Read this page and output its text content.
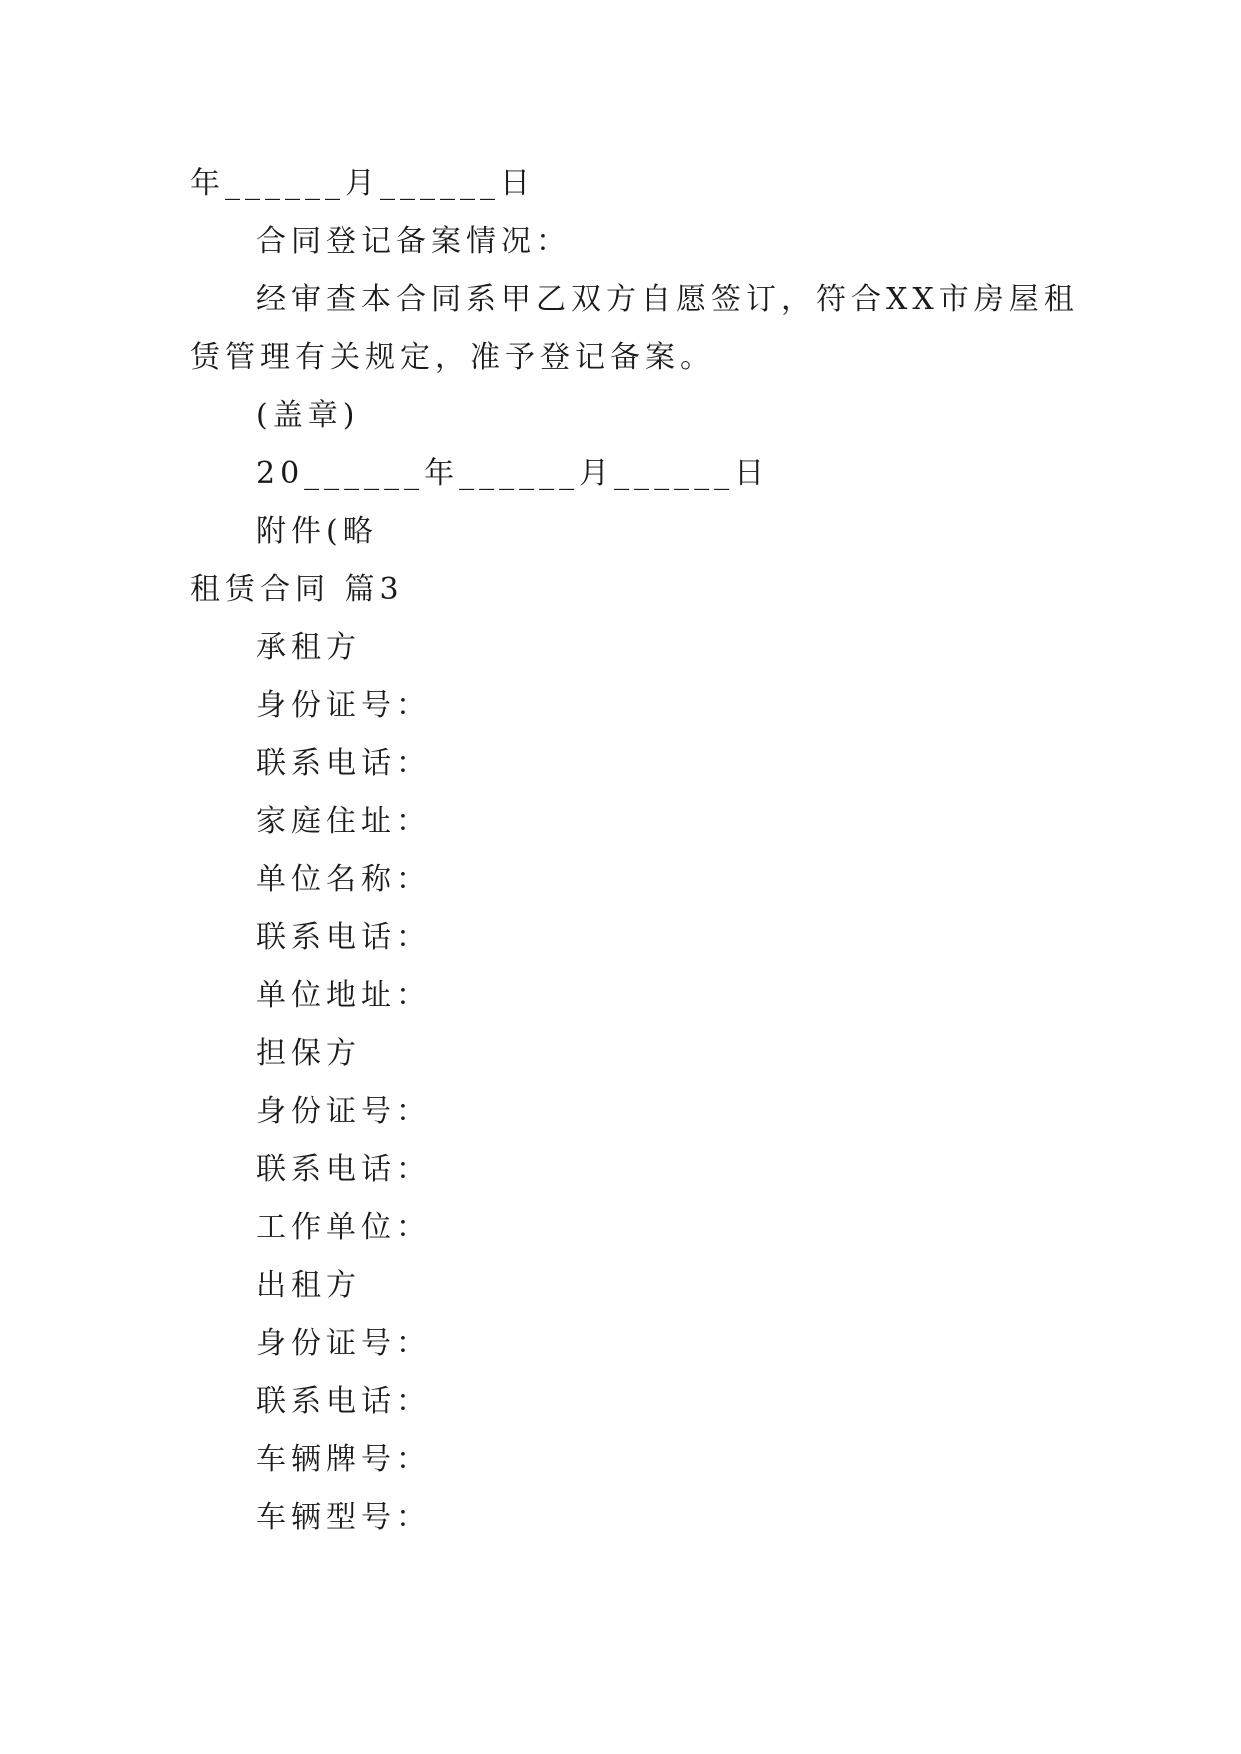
年______月______日
合同登记备案情况：
经审查本合同系甲乙双方自愿签订，符合XX市房屋租
赁管理有关规定，准予登记备案。
(盖章)
20______年______月______日
附件(略
租赁合同 篇3
承租方
身份证号：
联系电话：
家庭住址：
单位名称：
联系电话：
单位地址：
担保方
身份证号：
联系电话：
工作单位：
出租方
身份证号：
联系电话：
车辆牌号：
车辆型号：
